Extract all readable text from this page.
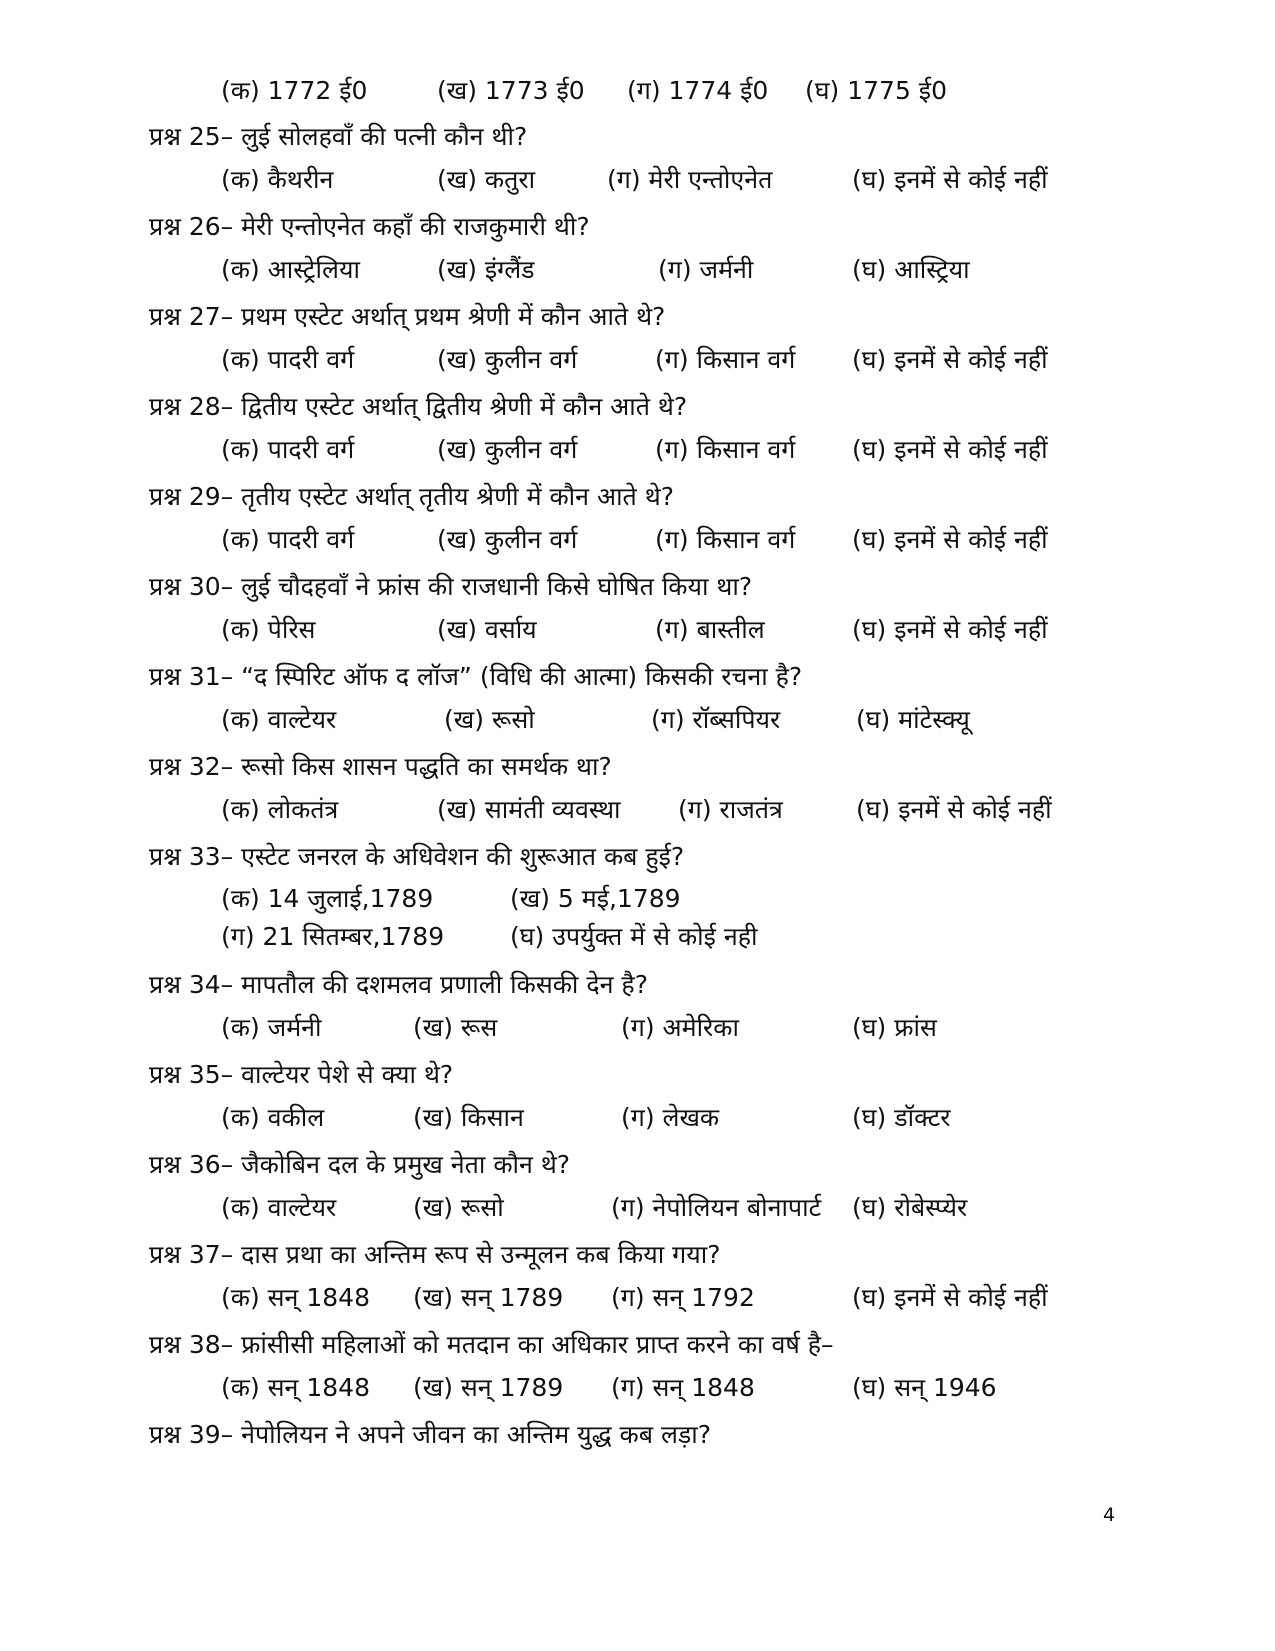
(क) 1772 ई0	(ख) 1773 ई0 (ग) 1774 ई0 (घ) 1775 ई0
प्रश्न 25– लुई सोलहवाँ की पत्नी कौन थी?
(क) कैथरीन	(ख) कतुरा	(ग) मेरी एन्तोएनेत	(घ) इनमें से कोई नहीं
प्रश्न 26– मेरी एन्तोएनेत कहाँ की राजकुमारी थी?
(क) आस्ट्रेलिया	(ख) इंग्लैंड	(ग) जर्मनी	(घ) आस्ट्रिया
प्रश्न 27– प्रथम एस्टेट अर्थात् प्रथम श्रेणी में कौन आते थे?
(क) पादरी वर्ग	(ख) कुलीन वर्ग	(ग) किसान वर्ग (घ) इनमें से कोई नहीं
प्रश्न 28– द्वितीय एस्टेट अर्थात् द्वितीय श्रेणी में कौन आते थे?
(क) पादरी वर्ग	(ख) कुलीन वर्ग	(ग) किसान वर्ग (घ) इनमें से कोई नहीं
प्रश्न 29– तृतीय एस्टेट अर्थात् तृतीय श्रेणी में कौन आते थे?
(क) पादरी वर्ग	(ख) कुलीन वर्ग	(ग) किसान वर्ग (घ) इनमें से कोई नहीं
प्रश्न 30– लुई चौदहवाँ ने फ्रांस की राजधानी किसे घोषित किया था?
(क) पेरिस	(ख) वर्साय	(ग) बास्तील	(घ) इनमें से कोई नहीं
प्रश्न 31– “द स्पिरिट ऑफ द लॉज” (विधि की आत्मा) किसकी रचना है?
(क) वाल्टेयर	(ख) रूसो	(ग) रॉब्सपियर	(घ) मांटेस्क्यू
प्रश्न 32– रूसो किस शासन पद्धति का समर्थक था?
(क) लोकतंत्र	(ख) सामंती व्यवस्था (ग) राजतंत्र	(घ) इनमें से कोई नहीं
प्रश्न 33– एस्टेट जनरल के अधिवेशन की शुरूआत कब हुई?
(क) 14 जुलाई,1789	(ख) 5 मई,1789
(ग) 21 सितम्बर,1789	(घ) उपर्युक्त में से कोई नही
प्रश्न 34– मापतौल की दशमलव प्रणाली किसकी देन है?
(क) जर्मनी	(ख) रूस	(ग) अमेरिका	(घ) फ्रांस
प्रश्न 35– वाल्टेयर पेशे से क्या थे?
(क) वकील	(ख) किसान	(ग) लेखक	(घ) डॉक्टर
प्रश्न 36– जैकोबिन दल के प्रमुख नेता कौन थे?
(क) वाल्टेयर	(ख) रूसो	(ग) नेपोलियन बोनापार्ट (घ) रोबेस्प्येर
प्रश्न 37– दास प्रथा का अन्तिम रूप से उन्मूलन कब किया गया?
(क) सन् 1848 (ख) सन् 1789 (ग) सन् 1792	(घ) इनमें से कोई नहीं
प्रश्न 38– फ्रांसीसी महिलाओं को मतदान का अधिकार प्राप्त करने का वर्ष है–
(क) सन् 1848 (ख) सन् 1789 (ग) सन् 1848	(घ) सन् 1946
प्रश्न 39– नेपोलियन ने अपने जीवन का अन्तिम युद्ध कब लड़ा?
4
